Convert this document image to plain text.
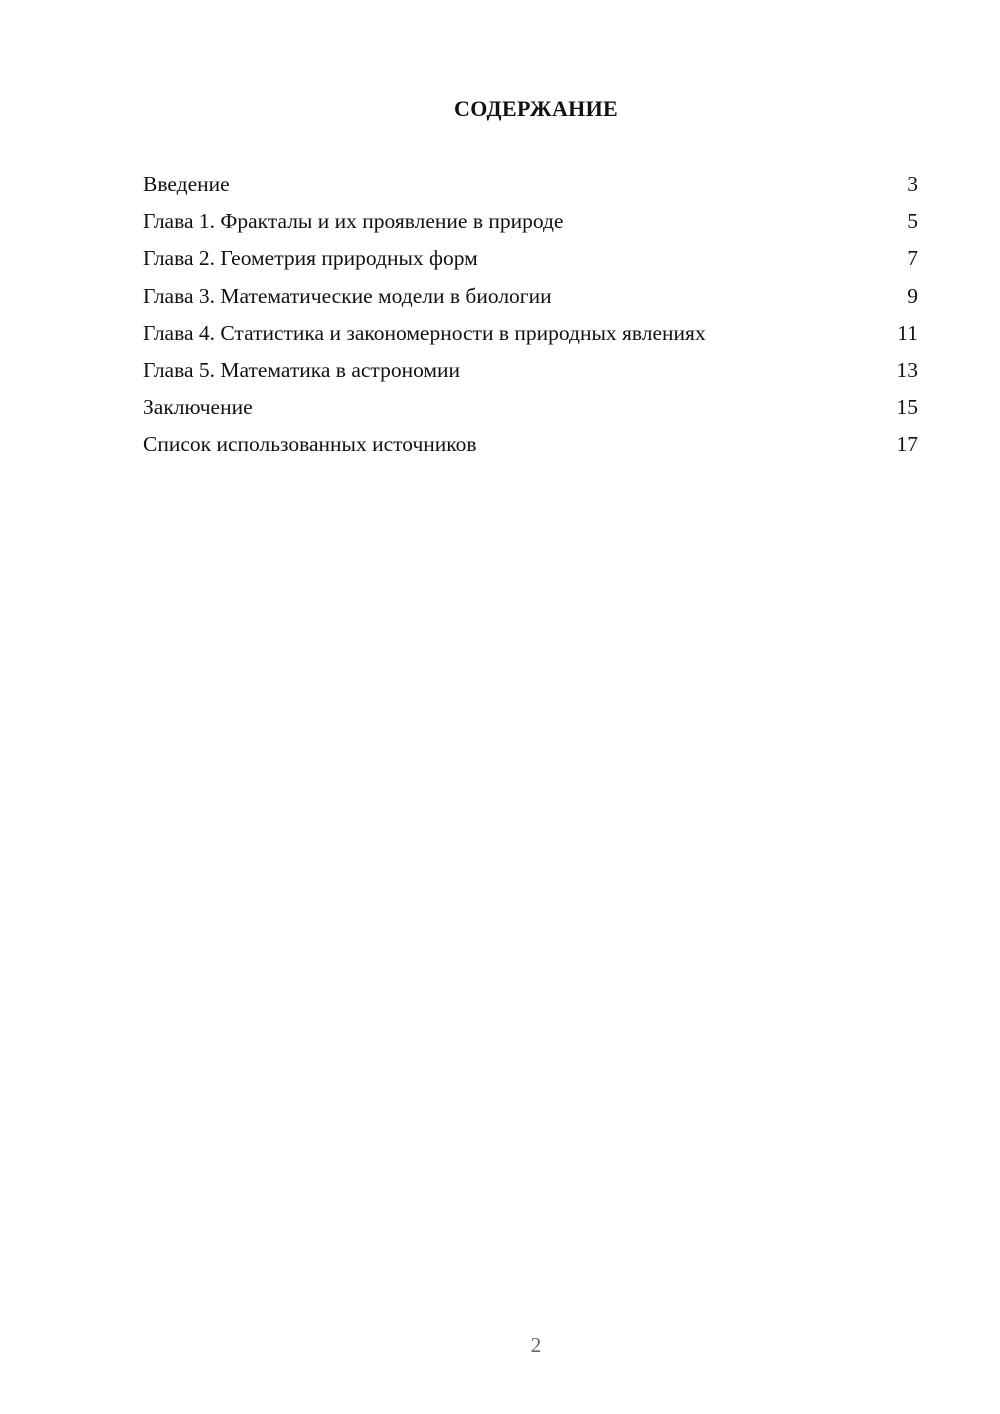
СОДЕРЖАНИЕ
Введение	3
Глава 1. Фракталы и их проявление в природе	5
Глава 2. Геометрия природных форм	7
Глава 3. Математические модели в биологии	9
Глава 4. Статистика и закономерности в природных явлениях	11
Глава 5. Математика в астрономии	13
Заключение	15
Список использованных источников	17
2
